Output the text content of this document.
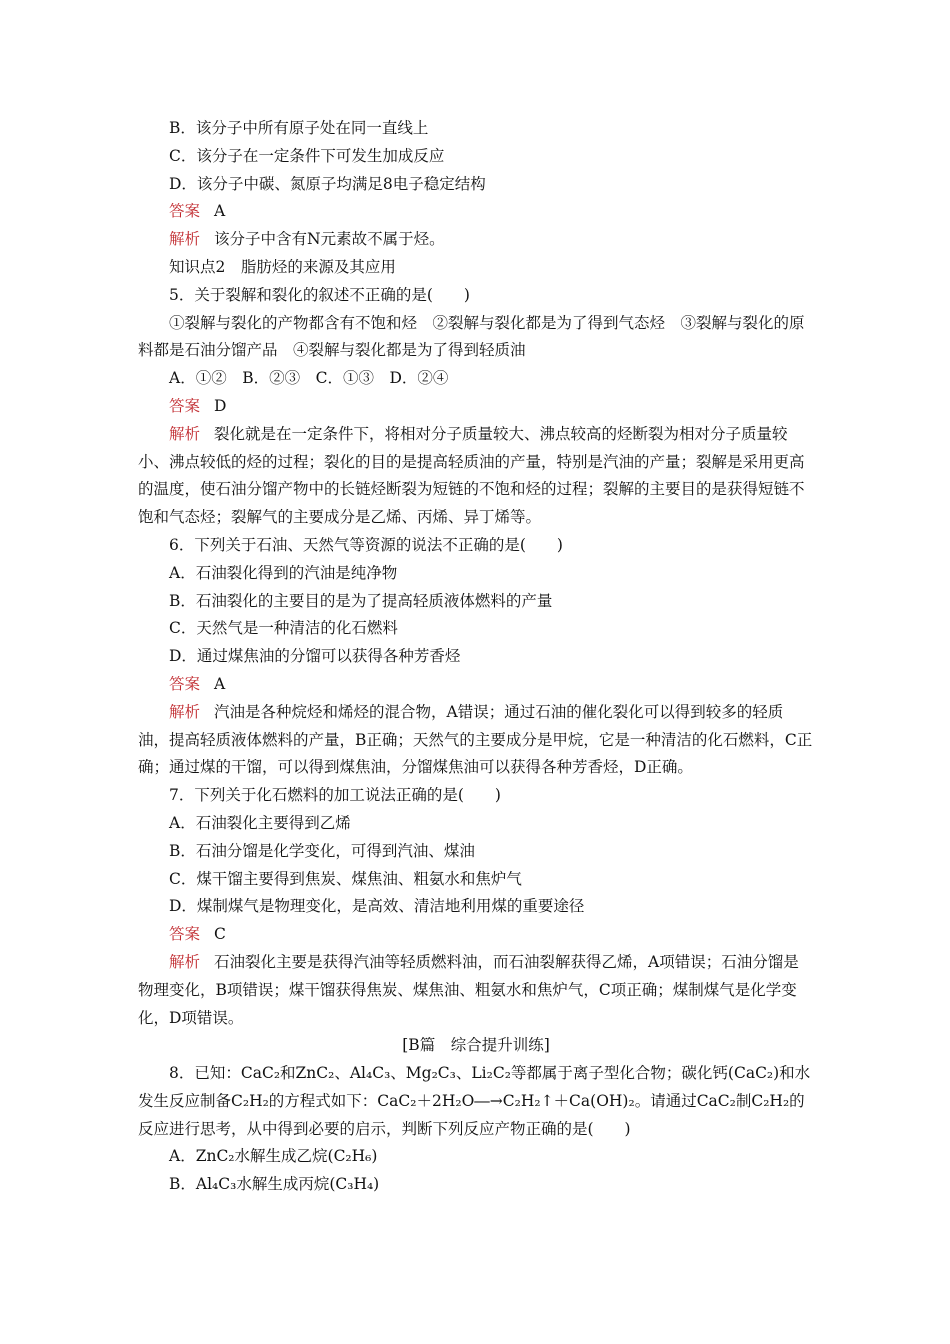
B．该分子中所有原子处在同一直线上

C．该分子在一定条件下可发生加成反应

D．该分子中碳、氮原子均满足8电子稳定结构

答案 A

解析 该分子中含有N元素故不属于烃。

知识点2　脂肪烃的来源及其应用

5．关于裂解和裂化的叙述不正确的是(　　)

①裂解与裂化的产物都含有不饱和烃　②裂解与裂化都是为了得到气态烃　③裂解与裂化的原料都是石油分馏产品　④裂解与裂化都是为了得到轻质油

A．①②　B．②③　C．①③　D．②④

答案 D

解析 裂化就是在一定条件下，将相对分子质量较大、沸点较高的烃断裂为相对分子质量较小、沸点较低的烃的过程；裂化的目的是提高轻质油的产量，特别是汽油的产量；裂解是采用更高的温度，使石油分馏产物中的长链烃断裂为短链的不饱和烃的过程；裂解的主要目的是获得短链不饱和气态烃；裂解气的主要成分是乙烯、丙烯、异丁烯等。

6．下列关于石油、天然气等资源的说法不正确的是(　　)

A．石油裂化得到的汽油是纯净物

B．石油裂化的主要目的是为了提高轻质液体燃料的产量

C．天然气是一种清洁的化石燃料

D．通过煤焦油的分馏可以获得各种芳香烃

答案 A

解析 汽油是各种烷烃和烯烃的混合物，A错误；通过石油的催化裂化可以得到较多的轻质油，提高轻质液体燃料的产量，B正确；天然气的主要成分是甲烷，它是一种清洁的化石燃料，C正确；通过煤的干馏，可以得到煤焦油，分馏煤焦油可以获得各种芳香烃，D正确。

7．下列关于化石燃料的加工说法正确的是(　　)

A．石油裂化主要得到乙烯

B．石油分馏是化学变化，可得到汽油、煤油

C．煤干馏主要得到焦炭、煤焦油、粗氨水和焦炉气

D．煤制煤气是物理变化，是高效、清洁地利用煤的重要途径

答案 C

解析 石油裂化主要是获得汽油等轻质燃料油，而石油裂解获得乙烯，A项错误；石油分馏是物理变化，B项错误；煤干馏获得焦炭、煤焦油、粗氨水和焦炉气，C项正确；煤制煤气是化学变化，D项错误。

[B篇　综合提升训练]

8．已知：CaC₂和ZnC₂、Al₄C₃、Mg₂C₃、Li₂C₂等都属于离子型化合物；碳化钙(CaC₂)和水发生反应制备C₂H₂的方程式如下：CaC₂＋2H₂O―→C₂H₂↑＋Ca(OH)₂。请通过CaC₂制C₂H₂的反应进行思考，从中得到必要的启示，判断下列反应产物正确的是(　　)

A．ZnC₂水解生成乙烷(C₂H₆)

B．Al₄C₃水解生成丙烷(C₃H₄)
